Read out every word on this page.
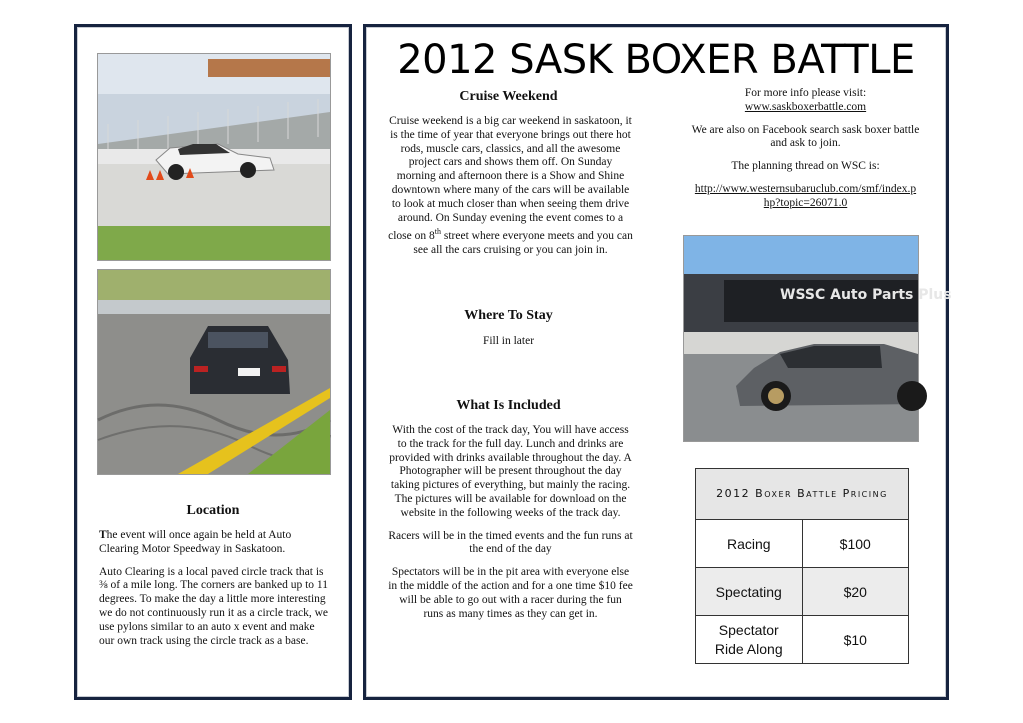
Location

The event will once again be held at Auto Clearing Motor Speedway in Saskatoon.

Auto Clearing is a local paved circle track that is ⅜ of a mile long. The corners are banked up to 11 degrees. To make the day a little more interesting we do not continuously run it as a circle track, we use pylons similar to an auto x event and make our own track using the circle track as a base.

2012 SASK BOXER BATTLE

Cruise Weekend

Cruise weekend is a big car weekend in saskatoon, it is the time of year that everyone brings out there hot rods, muscle cars, classics, and all the awesome project cars and shows them off. On Sunday morning and afternoon there is a Show and Shine downtown where many of the cars will be available to look at much closer than when seeing them drive around. On Sunday evening the event comes to a close on 8th street where everyone meets and you can see all the cars cruising or you can join in.

Where To Stay

Fill in later

What Is Included

With the cost of the track day, You will have access to the track for the full day. Lunch and drinks are provided with drinks available throughout the day. A Photographer will be present throughout the day taking pictures of everything, but mainly the racing. The pictures will be available for download on the website in the following weeks of the track day.

Racers will be in the timed events and the fun runs at the end of the day

Spectators will be in the pit area with everyone else in the middle of the action and for a one time $10 fee will be able to go out with a racer during the fun runs as many times as they can get in.

For more info please visit:

www.saskboxerbattle.com

We are also on Facebook search sask boxer battle and ask to join.

The planning thread on WSC is:

http://www.westernsubaruclub.com/smf/index.php?topic=26071.0

WSSC Auto Parts Plus
2012 Boxer Battle Pricing	
Racing	$100
Spectating	$20
Spectator Ride Along	$10
